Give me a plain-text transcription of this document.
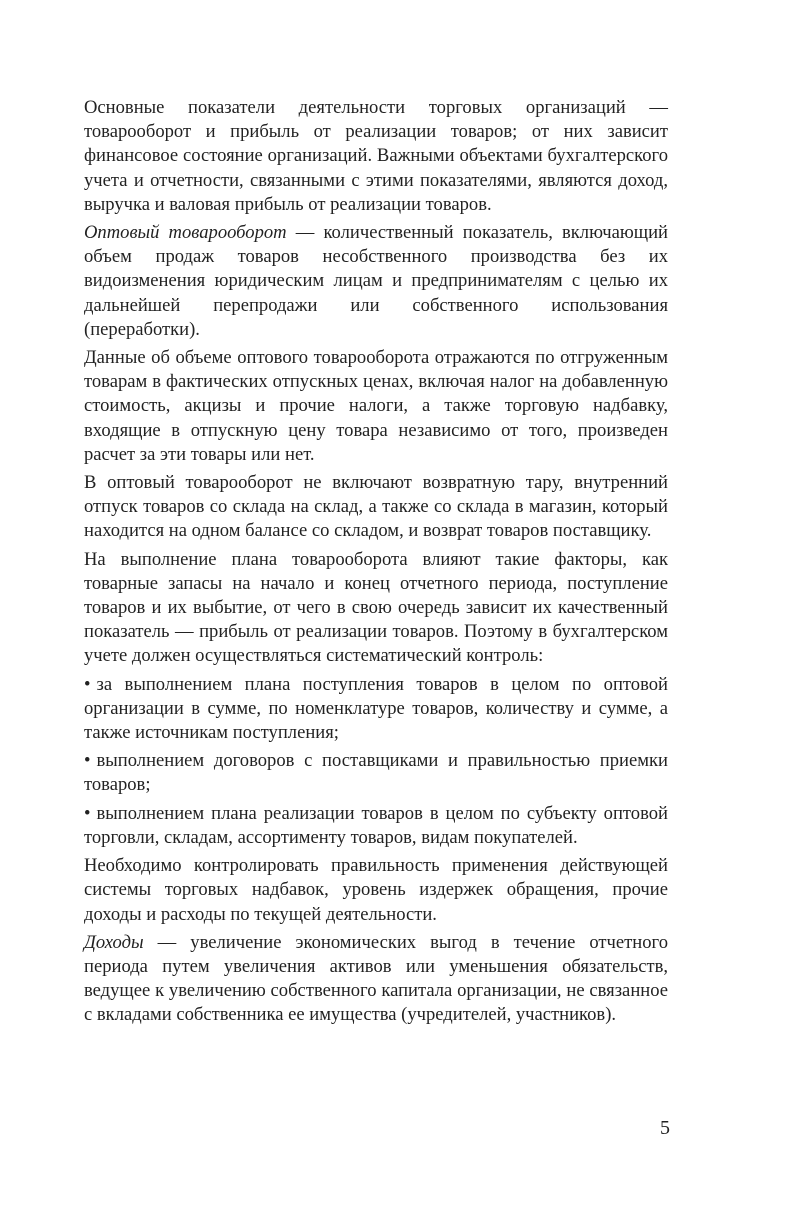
Основные показатели деятельности торговых организаций — товарооборот и прибыль от реализации товаров; от них зависит финансовое состояние организаций. Важными объектами бухгалтерского учета и отчетности, связанными с этими показателями, являются доход, выручка и валовая прибыль от реализации товаров.

Оптовый товарооборот — количественный показатель, включающий объем продаж товаров несобственного производства без их видоизменения юридическим лицам и предпринимателям с целью их дальнейшей перепродажи или собственного использования (переработки).

Данные об объеме оптового товарооборота отражаются по отгруженным товарам в фактических отпускных ценах, включая налог на добавленную стоимость, акцизы и прочие налоги, а также торговую надбавку, входящие в отпускную цену товара независимо от того, произведен расчет за эти товары или нет.

В оптовый товарооборот не включают возвратную тару, внутренний отпуск товаров со склада на склад, а также со склада в магазин, который находится на одном балансе со складом, и возврат товаров поставщику.

На выполнение плана товарооборота влияют такие факторы, как товарные запасы на начало и конец отчетного периода, поступление товаров и их выбытие, от чего в свою очередь зависит их качественный показатель — прибыль от реализации товаров. Поэтому в бухгалтерском учете должен осуществляться систематический контроль:

• за выполнением плана поступления товаров в целом по оптовой организации в сумме, по номенклатуре товаров, количеству и сумме, а также источникам поступления;

• выполнением договоров с поставщиками и правильностью приемки товаров;

• выполнением плана реализации товаров в целом по субъекту оптовой торговли, складам, ассортименту товаров, видам покупателей.

Необходимо контролировать правильность применения действующей системы торговых надбавок, уровень издержек обращения, прочие доходы и расходы по текущей деятельности.

Доходы — увеличение экономических выгод в течение отчетного периода путем увеличения активов или уменьшения обязательств, ведущее к увеличению собственного капитала организации, не связанное с вкладами собственника ее имущества (учредителей, участников).

5
